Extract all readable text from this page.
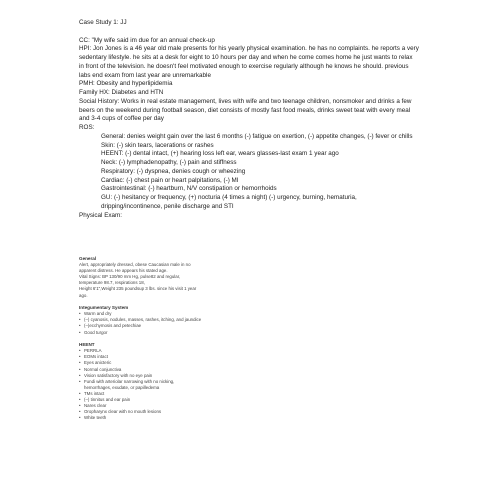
Case Study 1: JJ

CC: "My wife said im due for an annual check-up

HPI: Jon Jones is a 46 year old male presents for his yearly physical examination. he has no complaints. he reports a very sedentary lifestyle. he sits at a desk for eight to 10 hours per day and when he come comes home he just wants to relax in front of the television. he doesn't feel motivated enough to exercise regularly although he knows he should. previous labs end exam from last year are unremarkable

PMH: Obesity and hyperlipidemia

Family HX: Diabetes and HTN

Social History: Works in real estate management, lives with wife and two teenage children, nonsmoker and drinks a few beers on the weekend during football season, diet consists of mostly fast food meals, drinks sweet teat with every meal and 3-4 cups of coffee per day

ROS:

General: denies weight gain over the last 6 months (-) fatigue on exertion, (-) appetite changes, (-) fever or chills

Skin: (-) skin tears, lacerations or rashes

HEENT: (-) dental intact, (+) hearing loss left ear, wears glasses-last exam 1 year ago

Neck: (-) lymphadenopathy, (-) pain and stiffness

Respiratory: (-) dyspnea, denies cough or wheezing

Cardiac: (-) chest pain or heart palpitations, (-) MI

Gastrointestinal: (-) heartburn, N/V constipation or hemorrhoids

GU: (-) hesitancy or frequency, (+) nocturia (4 times a night) (-) urgency, burning, hematuria, dripping/incontinence, penile discharge and STI

Physical Exam:

General

Alert, appropriately dressed, obese Caucasian male in no

apparent distress. He appears his stated age.

Vital Signs: BP 130/90 mm Hg, pulse82 and regular,

temperature 98.7, respirations 18,

Height 6'1",Weight 235 poundsup 3 lbs. since his visit 1 year

ago.

Integumentary System
• Warm and dry
• (–) cyanosis, nodules, masses, rashes, itching, and jaundice
• (–)ecchymosis and petechiae
• Good turgor
HEENT
• PERRLA
• EOMs intact
• Eyes anicteric
• Normal conjunctiva
• Vision satisfactory with no eye pain
• Fundi with arteriolar narrowing with no nicking,

hemorrhages, exudate, or papilledema

• TMs intact
• (–) tinnitus and ear pain
• Nares clear
• Oropharynx clear with no mouth lesions
• White teeth
